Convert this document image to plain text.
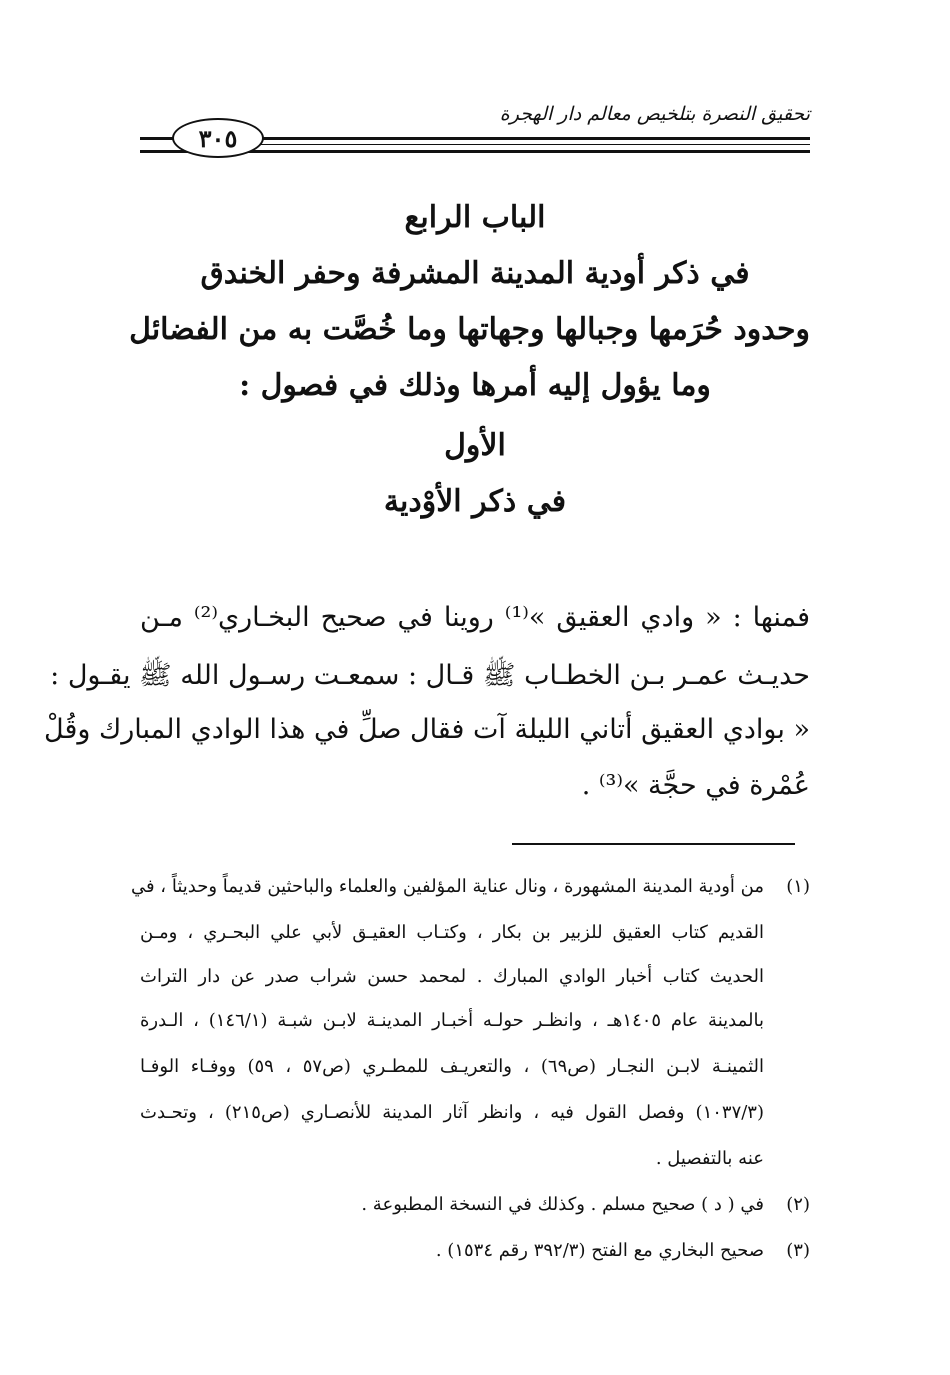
تحقيق النصرة بتلخيص معالم دار الهجرة
٣٠٥
الباب الرابع
في ذكر أودية المدينة المشرفة وحفر الخندق
وحدود حُرَمها وجبالها وجهاتها وما خُصَّت به من الفضائل
وما يؤول إليه أمرها وذلك في فصول :
الأول
في ذكر الأوْدية
فمنها : « وادي العقيق »⁽¹⁾ روينا في صحيح البخـاري⁽²⁾ مـن
حديـث عمـر بـن الخطـاب ﷺ قـال : سمعـت رسـول الله ﷺ يقـول :
« بوادي العقيق أتاني الليلة آت فقال صلِّ في هذا الوادي المبارك وقُلْ
عُمْرة في حجَّة »⁽³⁾ .
(١)
من أودية المدينة المشهورة ، ونال عناية المؤلفين والعلماء والباحثين قديماً وحديثاً ، في
القديم كتاب العقيق للزبير بن بكار ، وكتـاب العقيـق لأبي علي البحـري ، ومـن
الحديث كتاب أخبار الوادي المبارك . لمحمد حسن شراب صدر عن دار التراث
بالمدينة عام ١٤٠٥هـ ، وانظـر حولـه أخبـار المدينـة لابـن شبـة (١٤٦/١) ، الـدرة
الثمينـة لابـن النجـار (ص٦٩) ، والتعريـف للمطـري (ص٥٧ ، ٥٩) ووفـاء الوفـا
(١٠٣٧/٣) وفصل القول فيه ، وانظر آثار المدينة للأنصـاري (ص٢١٥) ، وتحـدث
عنه بالتفصيل .
(٢)في ( د ) صحيح مسلم . وكذلك في النسخة المطبوعة .
(٣)صحيح البخاري مع الفتح (٣٩٢/٣ رقم ١٥٣٤) .
